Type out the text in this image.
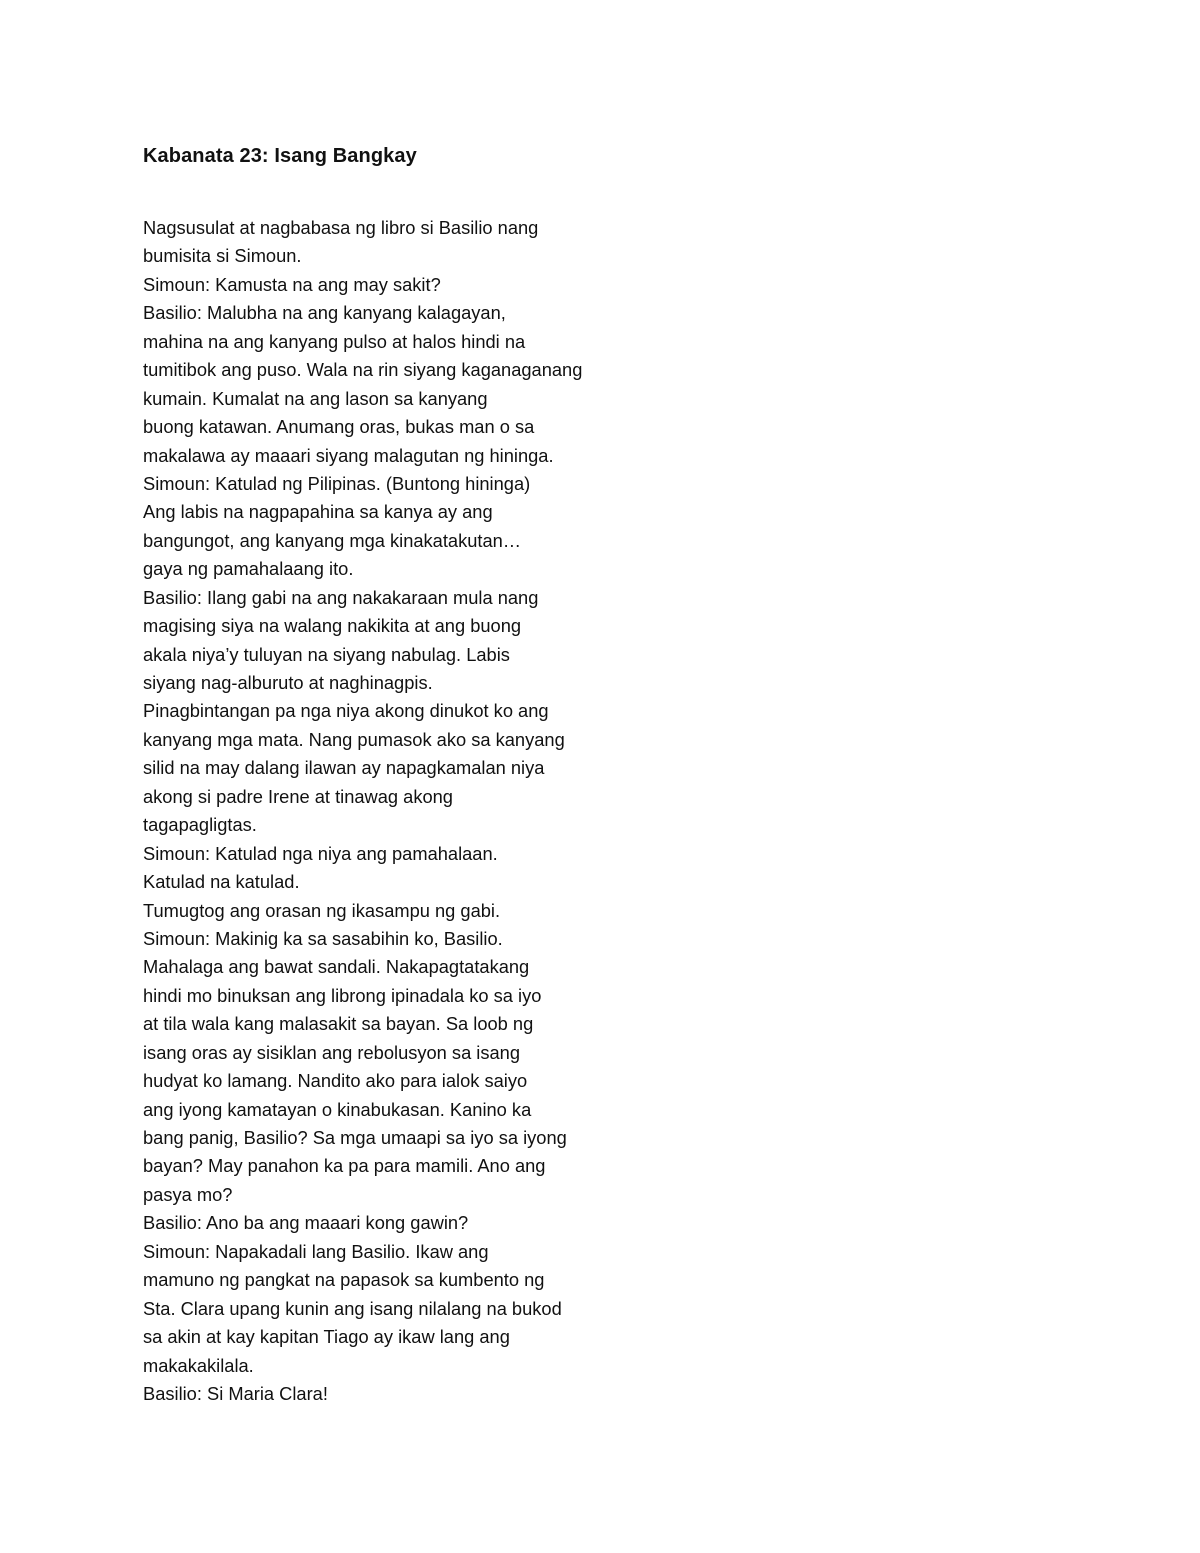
Kabanata 23: Isang Bangkay
Nagsusulat at nagbabasa ng libro si Basilio nang
bumisita si Simoun.
Simoun: Kamusta na ang may sakit?
Basilio: Malubha na ang kanyang kalagayan,
mahina na ang kanyang pulso at halos hindi na
tumitibok ang puso. Wala na rin siyang kaganaganang
kumain. Kumalat na ang lason sa kanyang
buong katawan. Anumang oras, bukas man o sa
makalawa ay maaari siyang malagutan ng hininga.
Simoun: Katulad ng Pilipinas. (Buntong hininga)
Ang labis na nagpapahina sa kanya ay ang
bangungot, ang kanyang mga kinakatakutan…
gaya ng pamahalaang ito.
Basilio: Ilang gabi na ang nakakaraan mula nang
magising siya na walang nakikita at ang buong
akala niya’y tuluyan na siyang nabulag. Labis
siyang nag-alburuto at naghinagpis.
Pinagbintangan pa nga niya akong dinukot ko ang
kanyang mga mata. Nang pumasok ako sa kanyang
silid na may dalang ilawan ay napagkamalan niya
akong si padre Irene at tinawag akong
tagapagligtas.
Simoun: Katulad nga niya ang pamahalaan.
Katulad na katulad.
Tumugtog ang orasan ng ikasampu ng gabi.
Simoun: Makinig ka sa sasabihin ko, Basilio.
Mahalaga ang bawat sandali. Nakapagtatakang
hindi mo binuksan ang librong ipinadala ko sa iyo
at tila wala kang malasakit sa bayan. Sa loob ng
isang oras ay sisiklan ang rebolusyon sa isang
hudyat ko lamang. Nandito ako para ialok saiyo
ang iyong kamatayan o kinabukasan. Kanino ka
bang panig, Basilio? Sa mga umaapi sa iyo sa iyong
bayan? May panahon ka pa para mamili. Ano ang
pasya mo?
Basilio: Ano ba ang maaari kong gawin?
Simoun: Napakadali lang Basilio. Ikaw ang
mamuno ng pangkat na papasok sa kumbento ng
Sta. Clara upang kunin ang isang nilalang na bukod
sa akin at kay kapitan Tiago ay ikaw lang ang
makakakilala.
Basilio: Si Maria Clara!
